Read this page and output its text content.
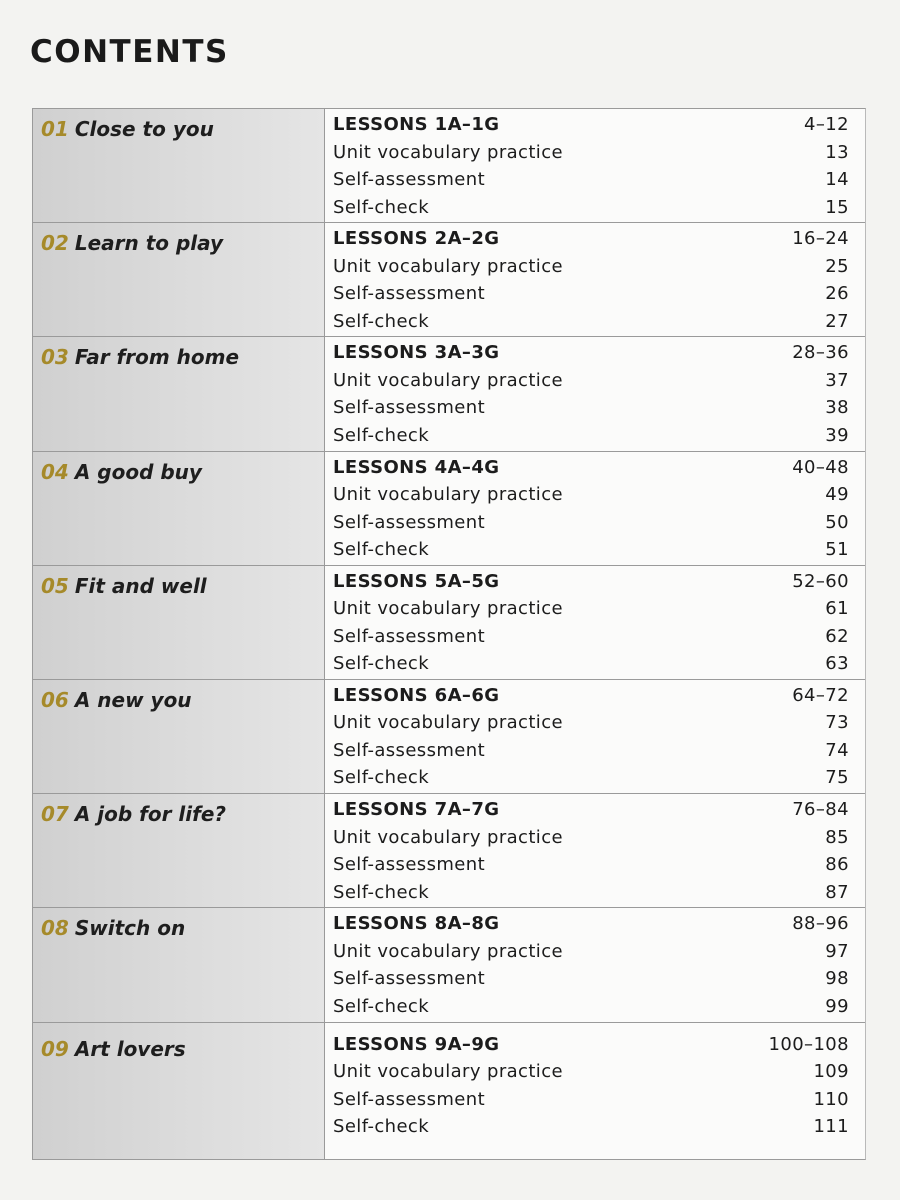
CONTENTS
01 Close to you	LESSONS 1A–1G	4–12
Unit vocabulary practice	13
Self-assessment	14
Self-check	15
02 Learn to play	LESSONS 2A–2G	16–24
Unit vocabulary practice	25
Self-assessment	26
Self-check	27
03 Far from home	LESSONS 3A–3G	28–36
Unit vocabulary practice	37
Self-assessment	38
Self-check	39
04 A good buy	LESSONS 4A–4G	40–48
Unit vocabulary practice	49
Self-assessment	50
Self-check	51
05 Fit and well	LESSONS 5A–5G	52–60
Unit vocabulary practice	61
Self-assessment	62
Self-check	63
06 A new you	LESSONS 6A–6G	64–72
Unit vocabulary practice	73
Self-assessment	74
Self-check	75
07 A job for life?	LESSONS 7A–7G	76–84
Unit vocabulary practice	85
Self-assessment	86
Self-check	87
08 Switch on	LESSONS 8A–8G	88–96
Unit vocabulary practice	97
Self-assessment	98
Self-check	99
09 Art lovers	LESSONS 9A–9G	100–108
Unit vocabulary practice	109
Self-assessment	110
Self-check	111
